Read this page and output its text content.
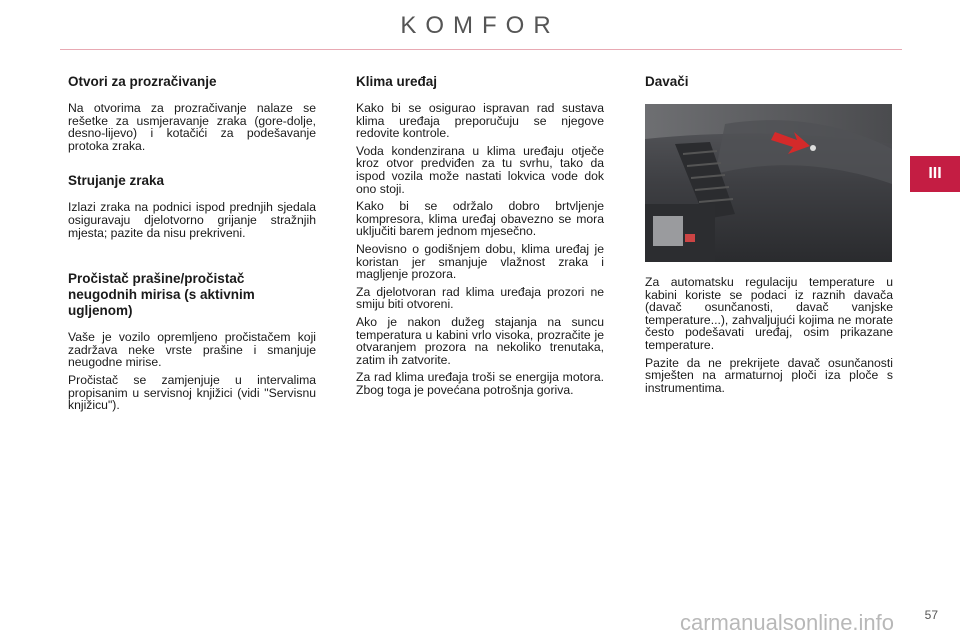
KOMFOR
III
Otvori za prozračivanje

Na otvorima za prozračivanje nalaze se rešetke za usmjeravanje zraka (gore-dolje, desno-lijevo) i kotačići za podešavanje protoka zraka.

Strujanje zraka

Izlazi zraka na podnici ispod prednjih sjedala osiguravaju djelotvorno grijanje stražnjih mjesta; pazite da nisu prekriveni.

Pročistač prašine/pročistač neugodnih mirisa (s aktivnim ugljenom)

Vaše je vozilo opremljeno pročistačem koji zadržava neke vrste prašine i smanjuje neugodne mirise.

Pročistač se zamjenjuje u intervalima propisanim u servisnoj knjižici (vidi "Servisnu knjižicu").

Klima uređaj

Kako bi se osigurao ispravan rad sustava klima uređaja preporučuju se njegove redovite kontrole.

Voda kondenzirana u klima uređaju otječe kroz otvor predviđen za tu svrhu, tako da ispod vozila može nastati lokvica vode dok ono stoji.

Kako bi se održalo dobro brtvljenje kompresora, klima uređaj obavezno se mora uključiti barem jednom mjesečno.

Neovisno o godišnjem dobu, klima uređaj je koristan jer smanjuje vlažnost zraka i magljenje prozora.

Za djelotvoran rad klima uređaja prozori ne smiju biti otvoreni.

Ako je nakon dužeg stajanja na suncu temperatura u kabini vrlo visoka, prozračite je otvaranjem prozora na nekoliko trenutaka, zatim ih zatvorite.

Za rad klima uređaja troši se energija motora. Zbog toga je povećana potrošnja goriva.

Davači

Za automatsku regulaciju temperature u kabini koriste se podaci iz raznih davača (davač osunčanosti, davač vanjske temperature...), zahvaljujući kojima ne morate često podešavati uređaj, osim prikazane temperature.

Pazite da ne prekrijete davač osunčanosti smješten na armaturnoj ploči iza ploče s instrumentima.

57
carmanualsonline.info
